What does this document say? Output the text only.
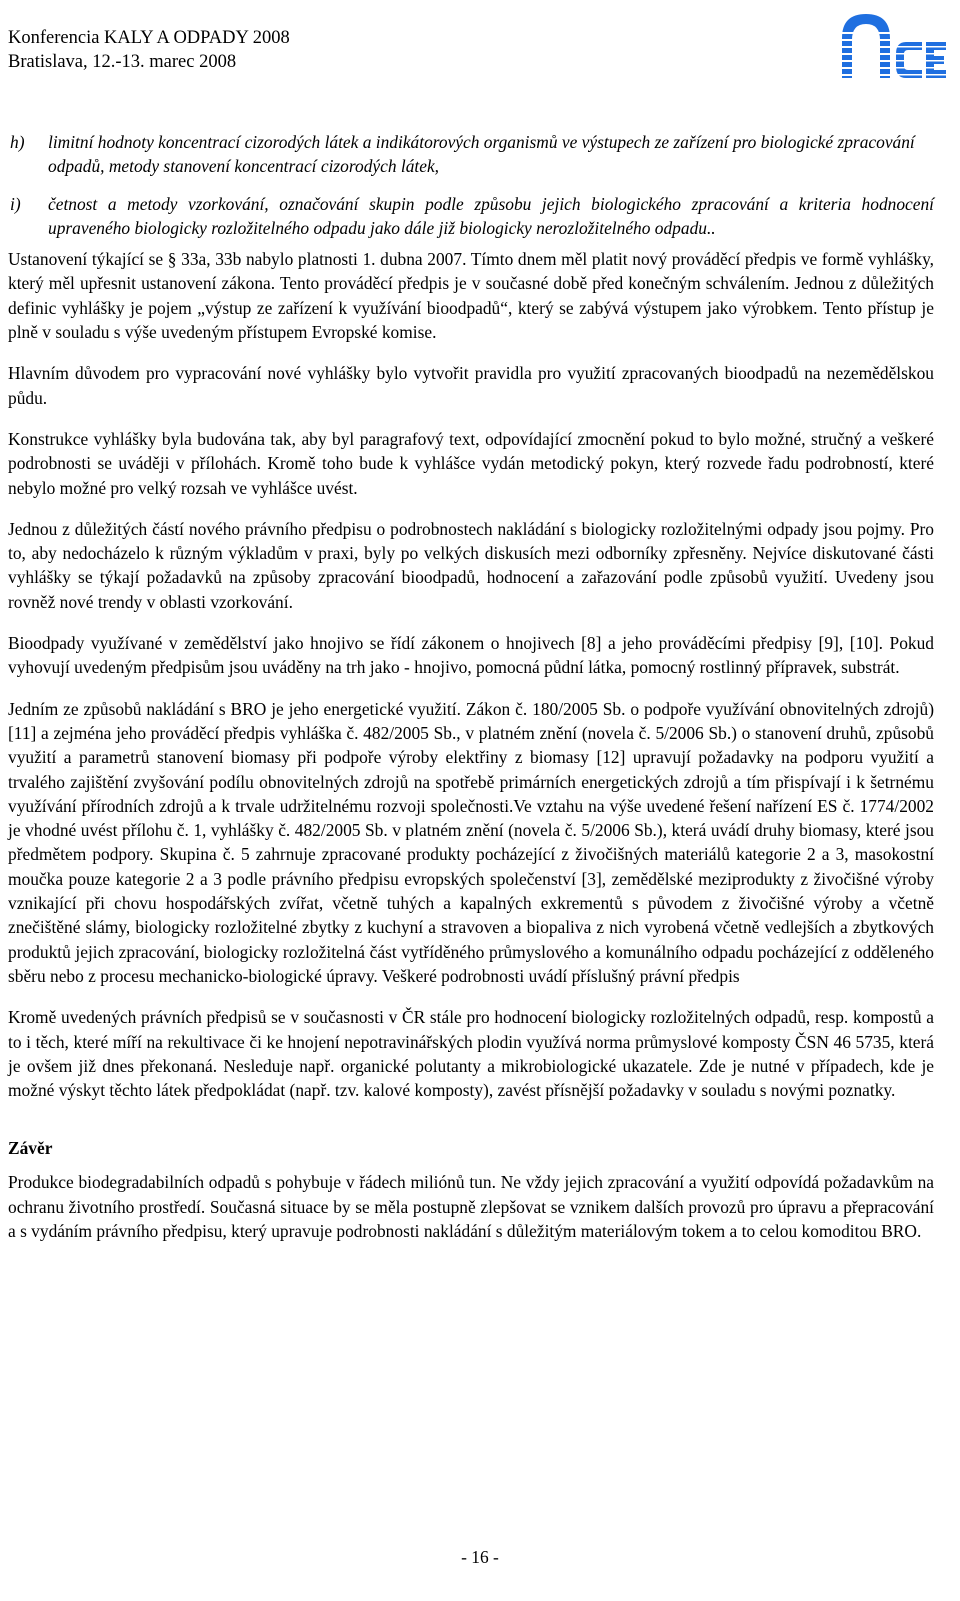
Konferencia KALY A ODPADY 2008
Bratislava, 12.-13. marec 2008
h)	limitní hodnoty koncentrací cizorodých látek a indikátorových organismů ve výstupech ze zařízení pro biologické zpracování odpadů, metody stanovení koncentrací cizorodých látek,
i)	četnost a metody vzorkování, označování skupin podle způsobu jejich biologického zpracování a kriteria hodnocení upraveného biologicky rozložitelného odpadu jako dále již biologicky nerozložitelného odpadu..

Ustanovení týkající se § 33a, 33b nabylo platnosti 1. dubna 2007. Tímto dnem měl platit nový prováděcí předpis ve formě vyhlášky, který měl upřesnit ustanovení zákona. Tento prováděcí předpis je v současné době před konečným schválením. Jednou z důležitých definic vyhlášky je pojem „výstup ze zařízení k využívání bioodpadů“, který se zabývá výstupem jako výrobkem. Tento přístup je plně v souladu s výše uvedeným přístupem Evropské komise.

Hlavním důvodem pro vypracování nové vyhlášky bylo vytvořit pravidla pro využití zpracovaných bioodpadů na nezemědělskou půdu.

Konstrukce vyhlášky byla budována tak, aby byl paragrafový text, odpovídající zmocnění pokud to bylo možné, stručný a veškeré podrobnosti se uváději v přílohách. Kromě toho bude k vyhlášce vydán metodický pokyn, který rozvede řadu podrobností, které nebylo možné pro velký rozsah ve vyhlášce uvést.

Jednou z důležitých částí nového právního předpisu o podrobnostech nakládání s biologicky rozložitelnými odpady jsou pojmy. Pro to, aby nedocházelo k různým výkladům v praxi, byly po velkých diskusích mezi odborníky zpřesněny. Nejvíce diskutované části vyhlášky se týkají požadavků na způsoby zpracování bioodpadů, hodnocení a zařazování podle způsobů využití. Uvedeny jsou rovněž nové trendy v oblasti vzorkování.

Bioodpady využívané v zemědělství jako hnojivo se řídí zákonem o hnojivech [8] a jeho prováděcími předpisy [9], [10]. Pokud vyhovují uvedeným předpisům jsou uváděny na trh jako - hnojivo, pomocná půdní látka, pomocný rostlinný přípravek, substrát.

Jedním ze způsobů nakládání s BRO je jeho energetické využití. Zákon č. 180/2005 Sb. o podpoře využívání obnovitelných zdrojů) [11] a zejména jeho prováděcí předpis vyhláška č. 482/2005 Sb., v platném znění (novela č. 5/2006 Sb.) o stanovení druhů, způsobů využití a parametrů stanovení biomasy při podpoře výroby elektřiny z biomasy [12] upravují požadavky na podporu využití a trvalého zajištění zvyšování podílu obnovitelných zdrojů na spotřebě primárních energetických zdrojů a tím přispívají i k šetrnému využívání přírodních zdrojů a k trvale udržitelnému rozvoji společnosti.Ve vztahu na výše uvedené řešení nařízení ES č. 1774/2002 je vhodné uvést přílohu č. 1, vyhlášky č. 482/2005 Sb. v platném znění (novela č. 5/2006 Sb.), která uvádí druhy biomasy, které jsou předmětem podpory. Skupina č. 5 zahrnuje zpracované produkty pocházející z živočišných materiálů kategorie 2 a 3, masokostní moučka pouze kategorie 2 a 3 podle právního předpisu evropských společenství [3], zemědělské meziprodukty z živočišné výroby vznikající při chovu hospodářských zvířat, včetně tuhých a kapalných exkrementů s původem z živočišné výroby a včetně znečištěné slámy, biologicky rozložitelné zbytky z kuchyní a stravoven a biopaliva z nich vyrobená včetně vedlejších a zbytkových produktů jejich zpracování, biologicky rozložitelná část vytříděného průmyslového a komunálního odpadu pocházející z odděleného sběru nebo z procesu mechanicko-biologické úpravy. Veškeré podrobnosti uvádí příslušný právní předpis

Kromě uvedených právních předpisů se v současnosti v ČR stále pro hodnocení biologicky rozložitelných odpadů, resp. kompostů a to i těch, které míří na rekultivace či ke hnojení nepotravinářských plodin využívá norma průmyslové komposty ČSN 46 5735, která je ovšem již dnes překonaná. Nesleduje např. organické polutanty a mikrobiologické ukazatele. Zde je nutné v případech, kde je možné výskyt těchto látek předpokládat (např. tzv. kalové komposty), zavést přísnější požadavky v souladu s novými poznatky.

Závěr

Produkce biodegradabilních odpadů s pohybuje v řádech miliónů tun. Ne vždy jejich zpracování a využití odpovídá požadavkům na ochranu životního prostředí. Současná situace by se měla postupně zlepšovat se vznikem dalších provozů pro úpravu a přepracování a s vydáním právního předpisu, který upravuje podrobnosti nakládání s důležitým materiálovým tokem a to celou komoditou BRO.

- 16 -
